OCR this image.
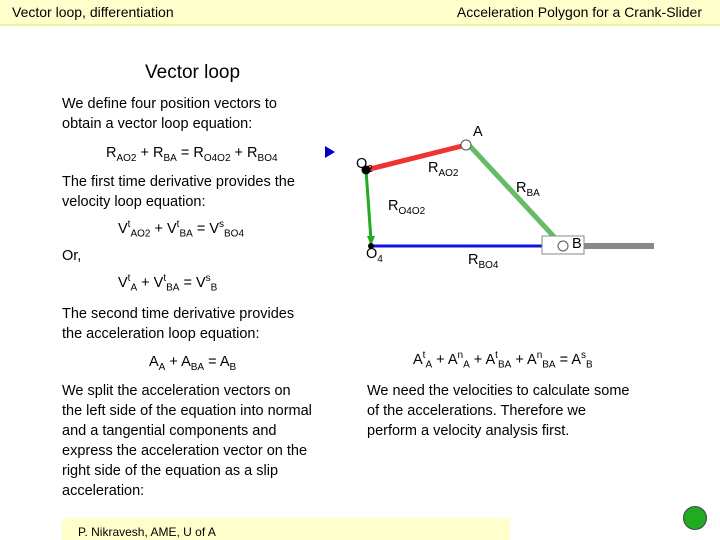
Vector loop, differentiation	Acceleration Polygon for a Crank-Slider
Vector loop
We define four position vectors to
obtain a vector loop equation:
$R_{AO2} + R_{BA} = R_{O4O2} + R_{BO4}$
The first time derivative provides the
velocity loop equation:
$V^t_{AO2} + V^t_{BA} = V^s_{BO4}$
Or,
$V^t_A + V^t_{BA} = V^s_B$
The second time derivative provides
the acceleration loop equation:
$A_A + A_{BA} = A_B$
We split the acceleration vectors on
the left side of the equation into normal
and a tangential components and
express the acceleration vector on the
right side of the equation as a slip
acceleration:
$A^t_A + A^n_A + A^t_{BA} + A^n_{BA} = A^s_B$
We need the velocities to calculate some
of the accelerations. Therefore we
perform a velocity analysis first.
A
$O_2$	$R_{AO2}$
$R_{BA}$
$R_{O4O2}$
$O_4$	$R_{BO4}$
B
P. Nikravesh, AME, U of A
